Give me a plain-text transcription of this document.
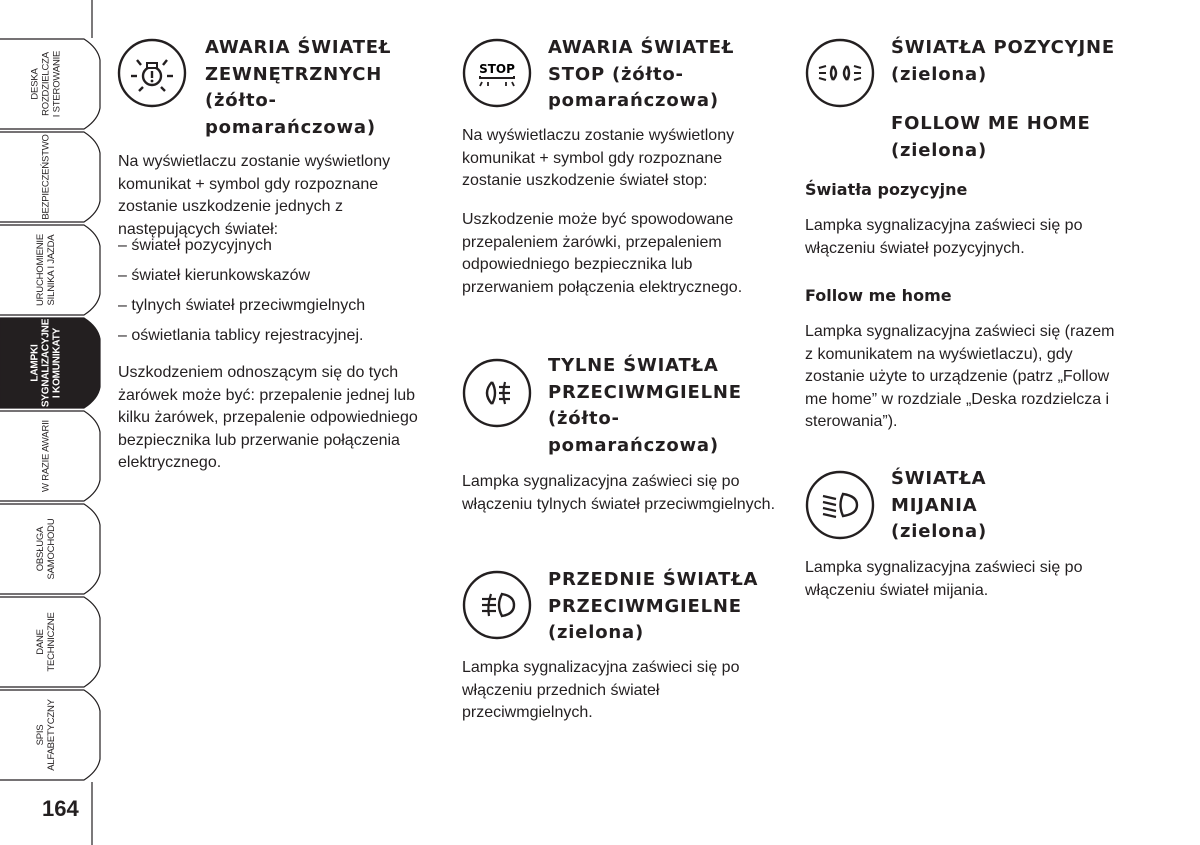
DESKA ROZDZIELCZA I STEROWANIE
BEZPIECZEŃSTWO
URUCHOMIENIE SILNIKA I JAZDA
LAMPKI SYGNALIZACYJNE I KOMUNIKATY
W RAZIE AWARII
OBSŁUGA SAMOCHODU
DANE TECHNICZNE
SPIS ALFABETYCZNY
164
AWARIA ŚWIATEŁ ZEWNĘTRZNYCH (żółto-pomarańczowa)

Na wyświetlaczu zostanie wyświetlony komunikat + symbol gdy rozpoznane zostanie uszkodzenie jednych z następujących świateł:

– świateł pozycyjnych

– świateł kierunkowskazów

– tylnych świateł przeciwmgielnych

– oświetlania tablicy rejestracyjnej.

Uszkodzeniem odnoszącym się do tych żarówek może być: przepalenie jednej lub kilku żarówek, przepalenie odpowiedniego bezpiecznika lub przerwanie połączenia elektrycznego.

STOP
AWARIA ŚWIATEŁ STOP (żółto-pomarańczowa)

Na wyświetlaczu zostanie wyświetlony komunikat + symbol gdy rozpoznane zostanie uszkodzenie świateł stop:

Uszkodzenie może być spowodowane przepaleniem żarówki, przepaleniem odpowiedniego bezpiecznika lub przerwaniem połączenia elektrycznego.

TYLNE ŚWIATŁA PRZECIWMGIELNE (żółto-pomarańczowa)

Lampka sygnalizacyjna zaświeci się po włączeniu tylnych świateł przeciwmgielnych.

PRZEDNIE ŚWIATŁA PRZECIWMGIELNE (zielona)

Lampka sygnalizacyjna zaświeci się po włączeniu przednich świateł przeciwmgielnych.

ŚWIATŁA POZYCYJNE (zielona)
FOLLOW ME HOME (zielona)

Światła pozycyjne

Lampka sygnalizacyjna zaświeci się po włączeniu świateł pozycyjnych.

Follow me home

Lampka sygnalizacyjna zaświeci się (razem z komunikatem na wyświetlaczu), gdy zostanie użyte to urządzenie (patrz „Follow me home” w rozdziale „Deska rozdzielcza i sterowania”).

ŚWIATŁA MIJANIA (zielona)

Lampka sygnalizacyjna zaświeci się po włączeniu świateł mijania.
